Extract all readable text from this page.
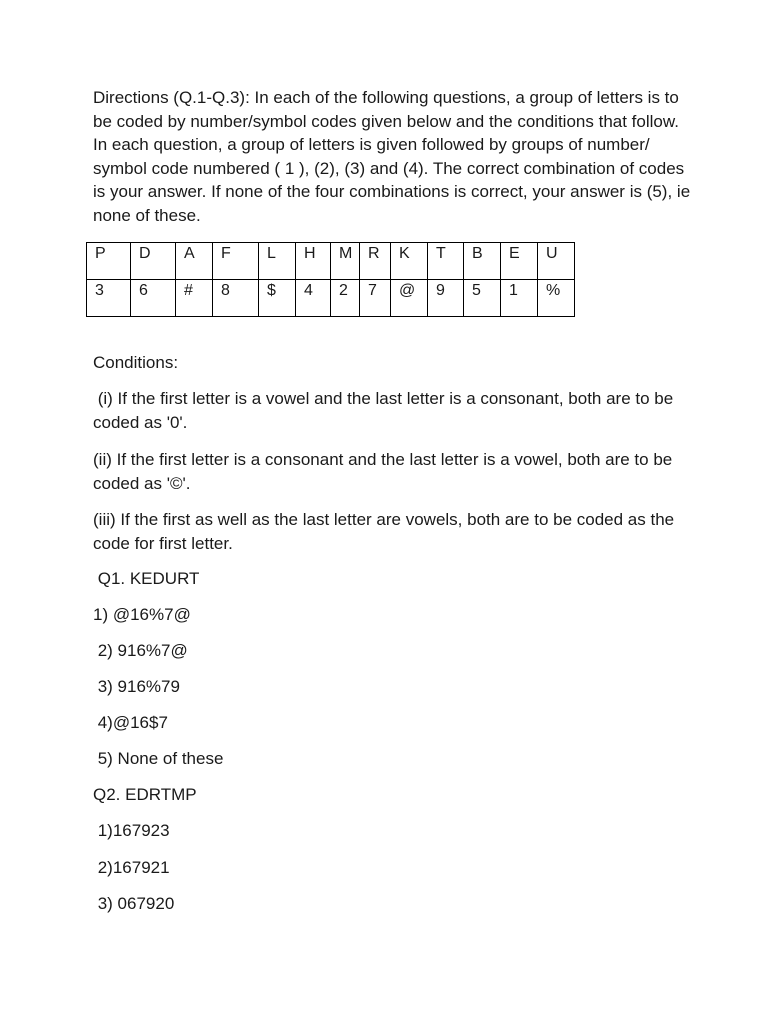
Directions (Q.1-Q.3): In each of the following questions, a group of letters is to be coded by number/symbol codes given below and the conditions that follow. In each question, a group of letters is given followed by groups of number/ symbol code numbered ( 1 ), (2), (3) and (4). The correct combination of codes is your answer. If none of the four combinations is correct, your answer is (5), ie none of these.

P	D	A	F	L	H	M	R	K	T	B	E	U
3	6	#	8	$	4	2	7	@	9	5	1	%

Conditions:

(i) If the first letter is a vowel and the last letter is a consonant, both are to be coded as '0'.

(ii) If the first letter is a consonant and the last letter is a vowel, both are to be coded as '©'.

(iii) If the first as well as the last letter are vowels, both are to be coded as the code for first letter.

Q1. KEDURT

1) @16%7@

2) 916%7@

3) 916%79

4)@16$7

5) None of these

Q2. EDRTMP

1)167923

2)167921

3) 067920
